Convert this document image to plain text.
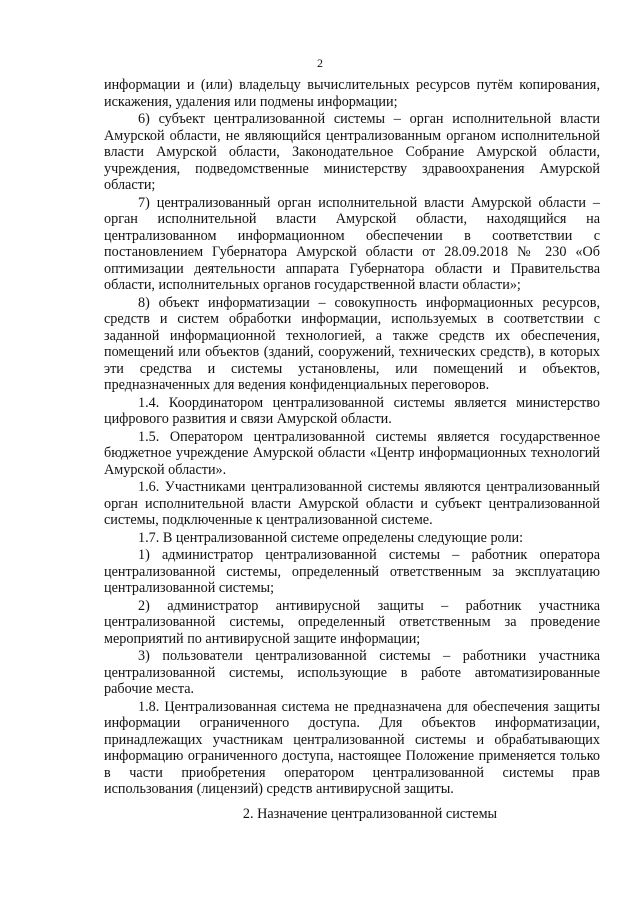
2

информации и (или) владельцу вычислительных ресурсов путём копирования, искажения, удаления или подмены информации;

6) субъект централизованной системы – орган исполнительной власти Амурской области, не являющийся централизованным органом исполнительной власти Амурской области, Законодательное Собрание Амурской области, учреждения, подведомственные министерству здравоохранения Амурской области;

7) централизованный орган исполнительной власти Амурской области – орган исполнительной власти Амурской области, находящийся на централизованном информационном обеспечении в соответствии с постановлением Губернатора Амурской области от 28.09.2018 № 230 «Об оптимизации деятельности аппарата Губернатора области и Правительства области, исполнительных органов государственной власти области»;

8) объект информатизации – совокупность информационных ресурсов, средств и систем обработки информации, используемых в соответствии с заданной информационной технологией, а также средств их обеспечения, помещений или объектов (зданий, сооружений, технических средств), в которых эти средства и системы установлены, или помещений и объектов, предназначенных для ведения конфиденциальных переговоров.

1.4. Координатором централизованной системы является министерство цифрового развития и связи Амурской области.

1.5. Оператором централизованной системы является государственное бюджетное учреждение Амурской области «Центр информационных технологий Амурской области».

1.6. Участниками централизованной системы являются централизованный орган исполнительной власти Амурской области и субъект централизованной системы, подключенные к централизованной системе.

1.7. В централизованной системе определены следующие роли:

1) администратор централизованной системы – работник оператора централизованной системы, определенный ответственным за эксплуатацию централизованной системы;

2) администратор антивирусной защиты – работник участника централизованной системы, определенный ответственным за проведение мероприятий по антивирусной защите информации;

3) пользователи централизованной системы – работники участника централизованной системы, использующие в работе автоматизированные рабочие места.

1.8. Централизованная система не предназначена для обеспечения защиты информации ограниченного доступа. Для объектов информатизации, принадлежащих участникам централизованной системы и обрабатывающих информацию ограниченного доступа, настоящее Положение применяется только в части приобретения оператором централизованной системы прав использования (лицензий) средств антивирусной защиты.

2. Назначение централизованной системы
